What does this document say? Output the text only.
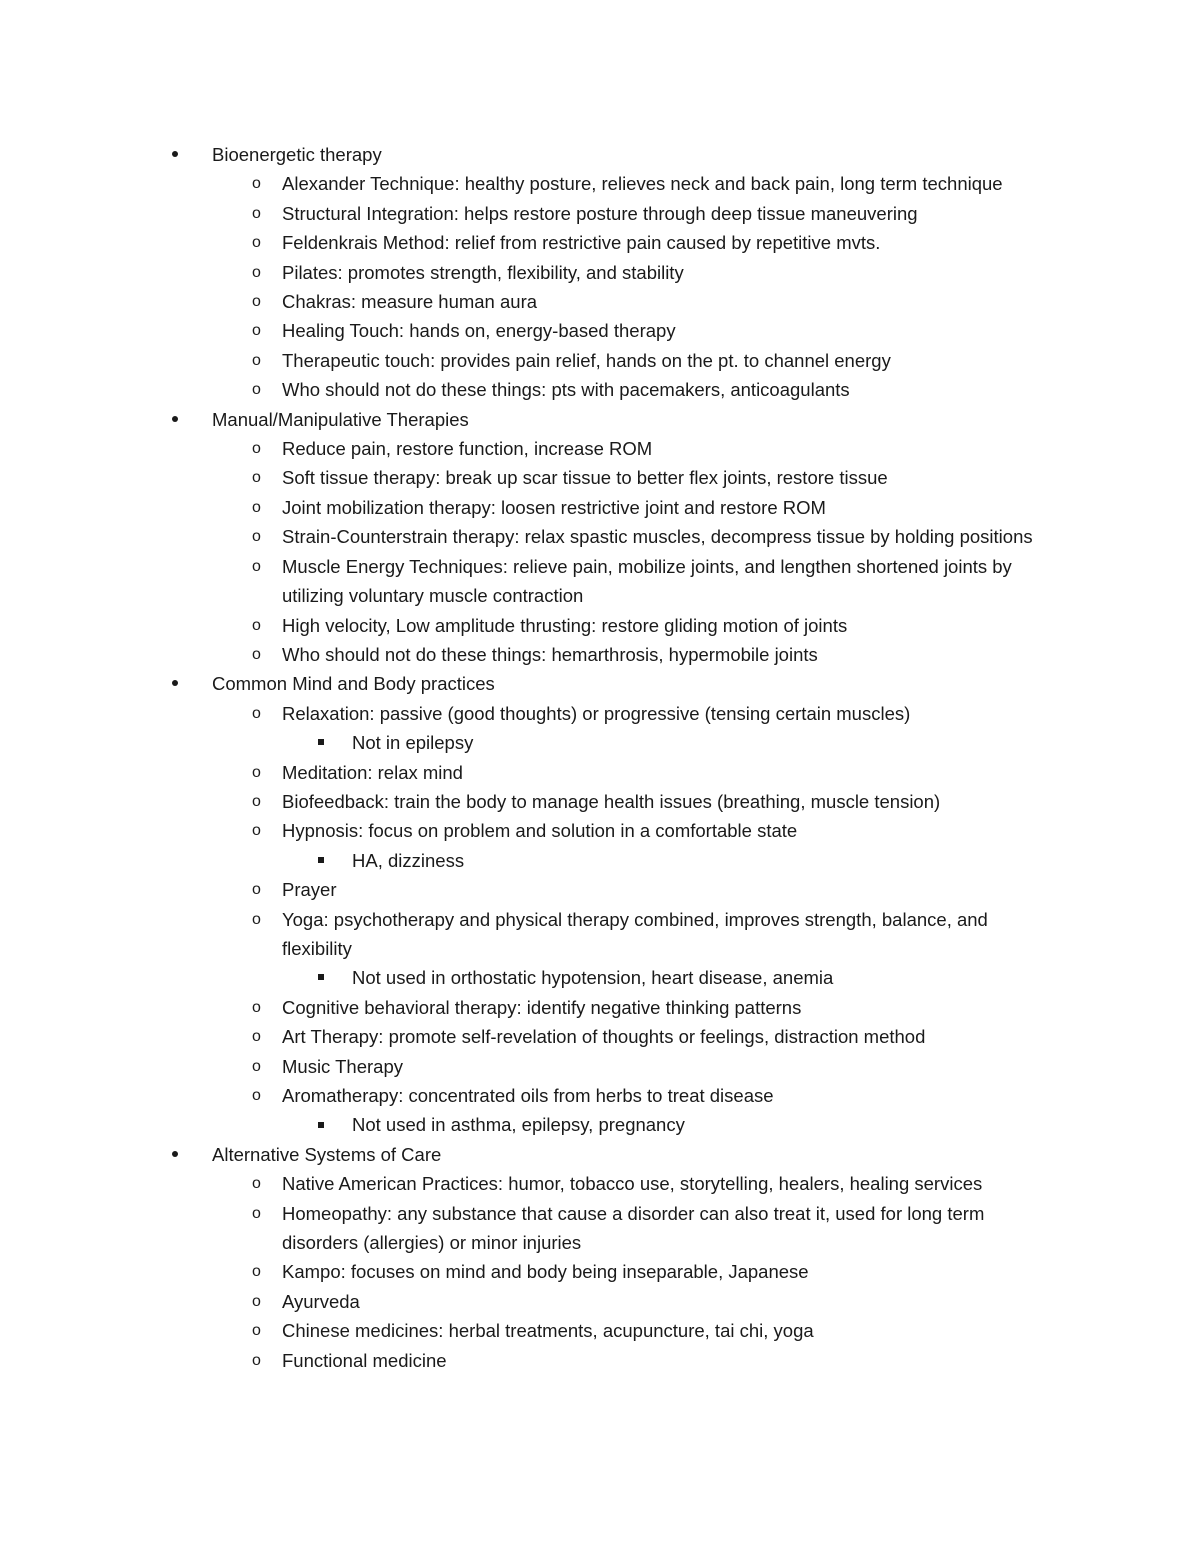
Bioenergetic therapy
o Alexander Technique: healthy posture, relieves neck and back pain, long term technique
o Structural Integration: helps restore posture through deep tissue maneuvering
o Feldenkrais Method: relief from restrictive pain caused by repetitive mvts.
o Pilates: promotes strength, flexibility, and stability
o Chakras: measure human aura
o Healing Touch: hands on, energy-based therapy
o Therapeutic touch: provides pain relief, hands on the pt. to channel energy
o Who should not do these things: pts with pacemakers, anticoagulants
Manual/Manipulative Therapies
o Reduce pain, restore function, increase ROM
o Soft tissue therapy: break up scar tissue to better flex joints, restore tissue
o Joint mobilization therapy: loosen restrictive joint and restore ROM
o Strain-Counterstrain therapy: relax spastic muscles, decompress tissue by holding positions
o Muscle Energy Techniques: relieve pain, mobilize joints, and lengthen shortened joints by utilizing voluntary muscle contraction
o High velocity, Low amplitude thrusting: restore gliding motion of joints
o Who should not do these things: hemarthrosis, hypermobile joints
Common Mind and Body practices
o Relaxation: passive (good thoughts) or progressive (tensing certain muscles)
Not in epilepsy
o Meditation: relax mind
o Biofeedback: train the body to manage health issues (breathing, muscle tension)
o Hypnosis: focus on problem and solution in a comfortable state
HA, dizziness
o Prayer
o Yoga: psychotherapy and physical therapy combined, improves strength, balance, and flexibility
Not used in orthostatic hypotension, heart disease, anemia
o Cognitive behavioral therapy: identify negative thinking patterns
o Art Therapy: promote self-revelation of thoughts or feelings, distraction method
o Music Therapy
o Aromatherapy: concentrated oils from herbs to treat disease
Not used in asthma, epilepsy, pregnancy
Alternative Systems of Care
o Native American Practices: humor, tobacco use, storytelling, healers, healing services
o Homeopathy: any substance that cause a disorder can also treat it, used for long term disorders (allergies) or minor injuries
o Kampo: focuses on mind and body being inseparable, Japanese
o Ayurveda
o Chinese medicines: herbal treatments, acupuncture, tai chi, yoga
o Functional medicine
